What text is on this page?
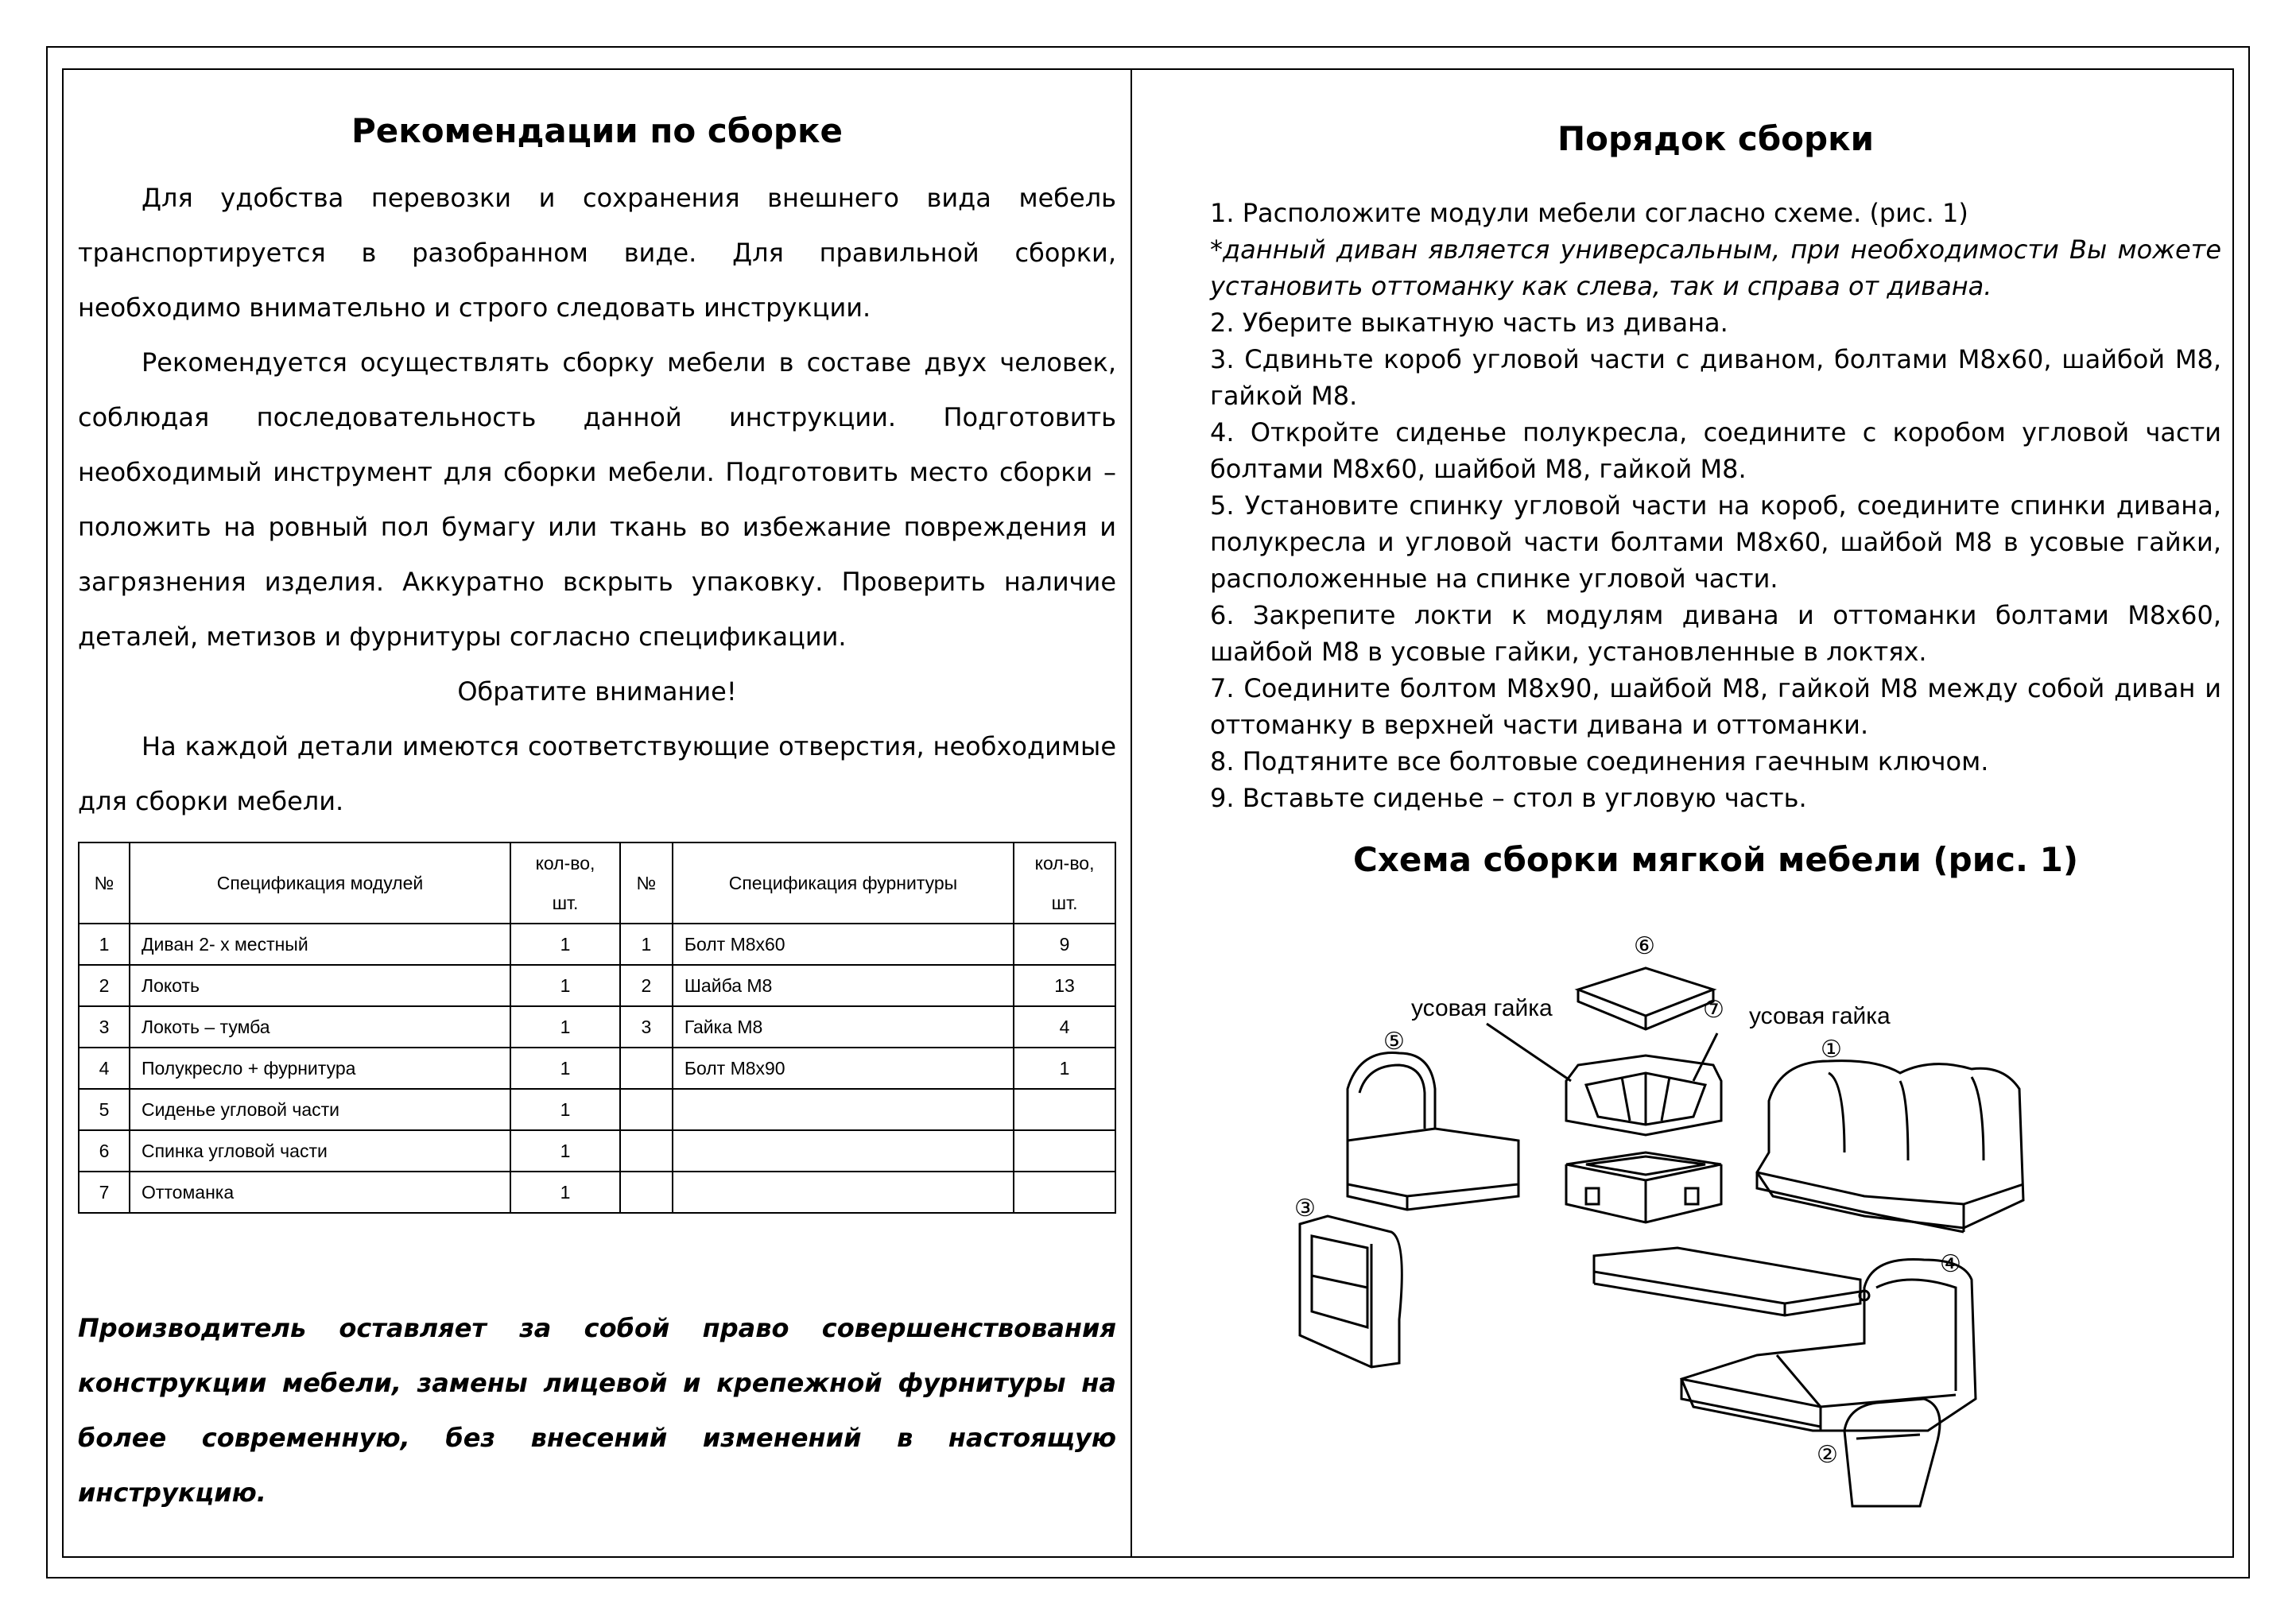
Рекомендации по сборке

Для удобства перевозки и сохранения внешнего вида мебель транспортируется в разобранном виде. Для правильной сборки, необходимо внимательно и строго следовать инструкции.

Рекомендуется осуществлять сборку мебели в составе двух человек, соблюдая последовательность данной инструкции. Подготовить необходимый инструмент для сборки мебели. Подготовить место сборки – положить на ровный пол бумагу или ткань во избежание повреждения и загрязнения изделия. Аккуратно вскрыть упаковку. Проверить наличие деталей, метизов и фурнитуры согласно спецификации.

Обратите внимание!

На каждой детали имеются соответствующие отверстия, необходимые для сборки мебели.

№	Спецификация модулей	кол-во, шт.	№	Спецификация фурнитуры	кол-во, шт.
1	Диван 2- х местный	1	1	Болт М8х60	9
2	Локоть	1	2	Шайба М8	13
3	Локоть – тумба	1	3	Гайка М8	4
4	Полукресло + фурнитура	1		Болт М8х90	1
5	Сиденье угловой части	1			
6	Спинка угловой части	1			
7	Оттоманка	1			

Производитель оставляет за собой право совершенствования конструкции мебели, замены лицевой и крепежной фурнитуры на более современную, без внесений изменений в настоящую инструкцию.

Порядок сборки
1. Расположите модули мебели согласно схеме. (рис. 1)
*данный диван является универсальным, при необходимости Вы можете установить оттоманку как слева, так и справа от дивана.
2. Уберите выкатную часть из дивана.
3. Сдвиньте короб угловой части с диваном, болтами М8х60, шайбой М8, гайкой М8.
4. Откройте сиденье полукресла, соедините с коробом угловой части болтами М8х60, шайбой М8, гайкой М8.
5. Установите спинку угловой части на короб, соедините спинки дивана, полукресла и угловой части болтами М8х60, шайбой М8 в усовые гайки, расположенные на спинке угловой части.
6. Закрепите локти к модулям дивана и оттоманки болтами М8х60, шайбой М8 в усовые гайки, установленные в локтях.
7. Соедините болтом М8х90, шайбой М8, гайкой М8 между собой диван и оттоманку в верхней части дивана и оттоманки.
8. Подтяните все болтовые соединения гаечным ключом.
9. Вставьте сиденье – стол в угловую часть.
Схема сборки мягкой мебели (рис. 1)
усовая гайка	усовая гайка
⑥
⑦
⑤
③
①
④
②
